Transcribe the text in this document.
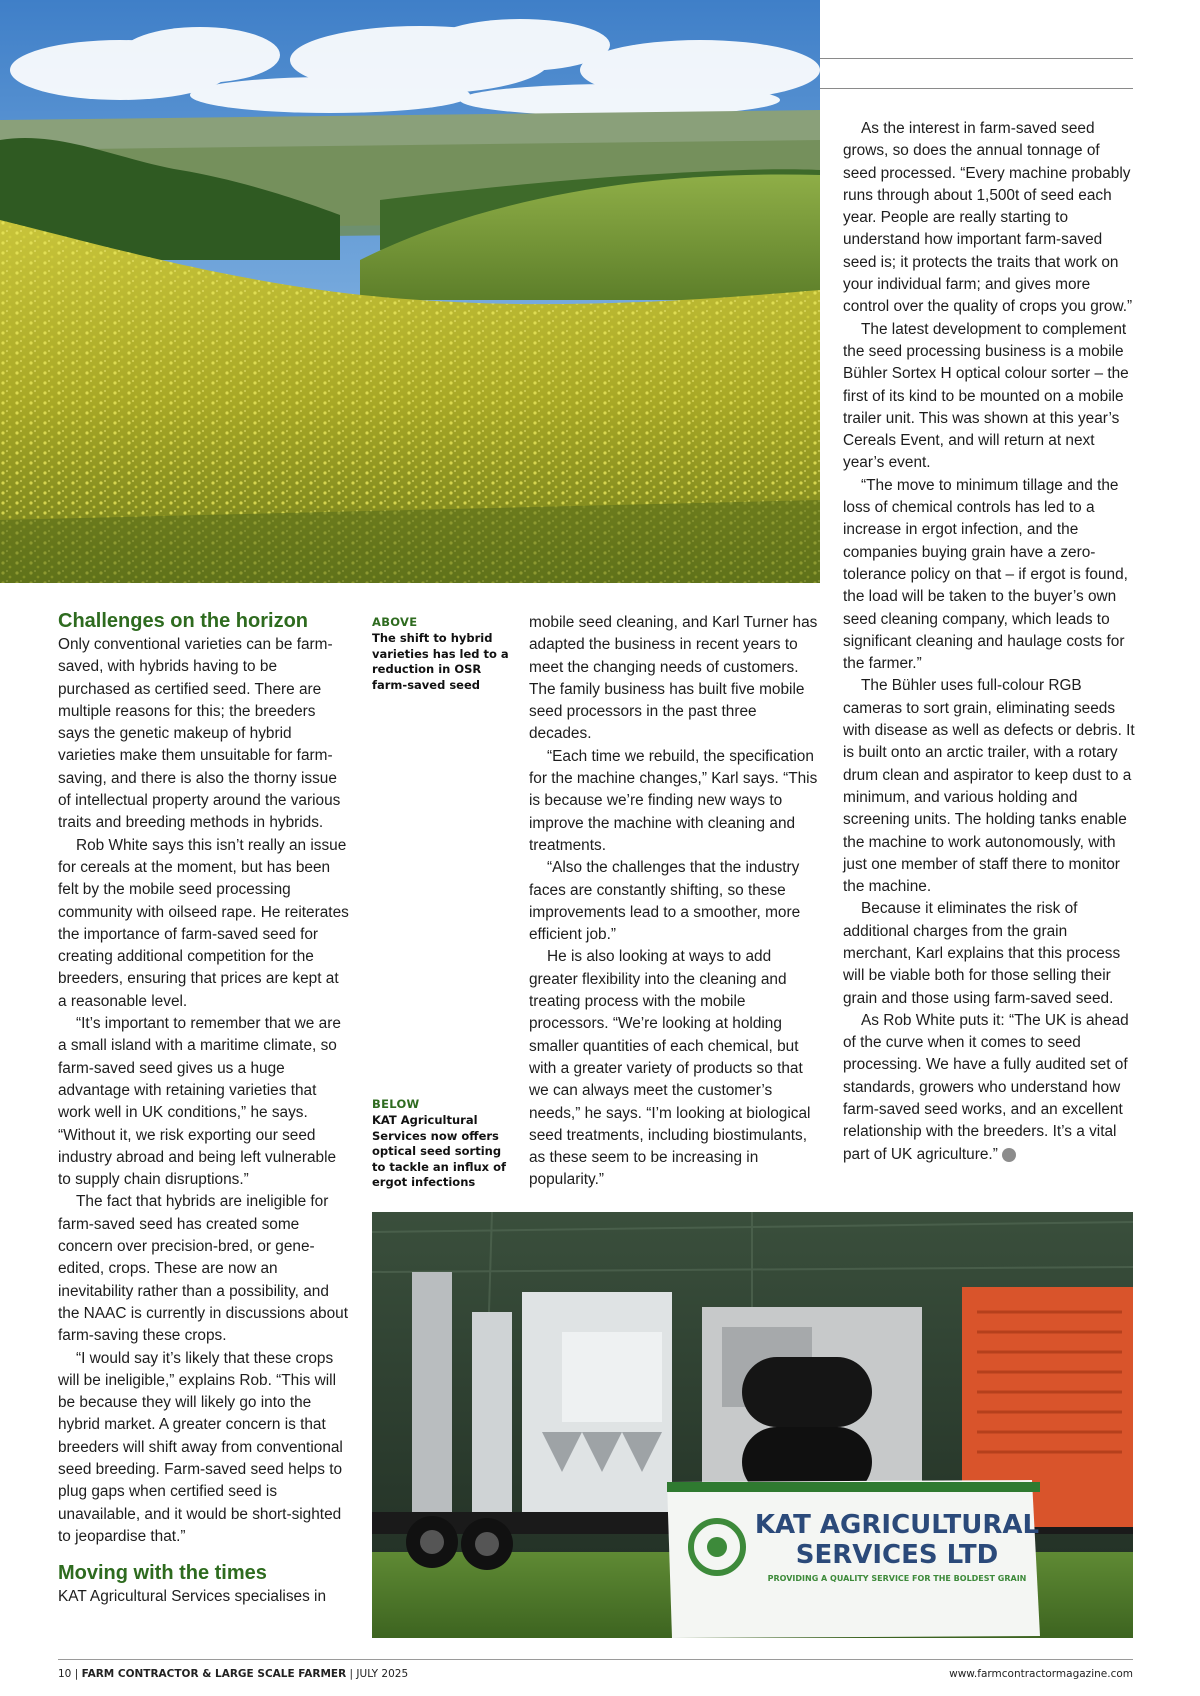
Challenges on the horizon

Only conventional varieties can be farm-saved, with hybrids having to be purchased as certified seed. There are multiple reasons for this; the breeders says the genetic makeup of hybrid varieties make them unsuitable for farm-saving, and there is also the thorny issue of intellectual property around the various traits and breeding methods in hybrids.

Rob White says this isn’t really an issue for cereals at the moment, but has been felt by the mobile seed processing community with oilseed rape. He reiterates the importance of farm-saved seed for creating additional competition for the breeders, ensuring that prices are kept at a reasonable level.

“It’s important to remember that we are a small island with a maritime climate, so farm-saved seed gives us a huge advantage with retaining varieties that work well in UK conditions,” he says. “Without it, we risk exporting our seed industry abroad and being left vulnerable to supply chain disruptions.”

The fact that hybrids are ineligible for farm-saved seed has created some concern over precision-bred, or gene-edited, crops. These are now an inevitability rather than a possibility, and the NAAC is currently in discussions about farm-saving these crops.

“I would say it’s likely that these crops will be ineligible,” explains Rob. “This will be because they will likely go into the hybrid market. A greater concern is that breeders will shift away from conventional seed breeding. Farm-saved seed helps to plug gaps when certified seed is unavailable, and it would be short-sighted to jeopardise that.”

Moving with the times

KAT Agricultural Services specialises in

ABOVE
The shift to hybrid varieties has led to a reduction in OSR farm-saved seed
BELOW
KAT Agricultural Services now offers optical seed sorting to tackle an influx of ergot infections

mobile seed cleaning, and Karl Turner has adapted the business in recent years to meet the changing needs of customers. The family business has built five mobile seed processors in the past three decades.

“Each time we rebuild, the specification for the machine changes,” Karl says. “This is because we’re finding new ways to improve the machine with cleaning and treatments.

“Also the challenges that the industry faces are constantly shifting, so these improvements lead to a smoother, more efficient job.”

He is also looking at ways to add greater flexibility into the cleaning and treating process with the mobile processors. “We’re looking at holding smaller quantities of each chemical, but with a greater variety of products so that we can always meet the customer’s needs,” he says. “I’m looking at biological seed treatments, including biostimulants, as these seem to be increasing in popularity.”

As the interest in farm-saved seed grows, so does the annual tonnage of seed processed. “Every machine probably runs through about 1,500t of seed each year. People are really starting to understand how important farm-saved seed is; it protects the traits that work on your individual farm; and gives more control over the quality of crops you grow.”

The latest development to complement the seed processing business is a mobile Bühler Sortex H optical colour sorter – the first of its kind to be mounted on a mobile trailer unit. This was shown at this year’s Cereals Event, and will return at next year’s event.

“The move to minimum tillage and the loss of chemical controls has led to a increase in ergot infection, and the companies buying grain have a zero-tolerance policy on that – if ergot is found, the load will be taken to the buyer’s own seed cleaning company, which leads to significant cleaning and haulage costs for the farmer.”

The Bühler uses full-colour RGB cameras to sort grain, eliminating seeds with disease as well as defects or debris. It is built onto an arctic trailer, with a rotary drum clean and aspirator to keep dust to a minimum, and various holding and screening units. The holding tanks enable the machine to work autonomously, with just one member of staff there to monitor the machine.

Because it eliminates the risk of additional charges from the grain merchant, Karl explains that this process will be viable both for those selling their grain and those using farm-saved seed.

As Rob White puts it: “The UK is ahead of the curve when it comes to seed processing. We have a fully audited set of standards, growers who understand how farm-saved seed works, and an excellent relationship with the breeders. It’s a vital part of UK agriculture.”

KAT AGRICULTURAL
SERVICES LTD
PROVIDING A QUALITY SERVICE FOR THE BOLDEST GRAIN
10 | FARM CONTRACTOR & LARGE SCALE FARMER | JULY 2025	www.farmcontractormagazine.com
